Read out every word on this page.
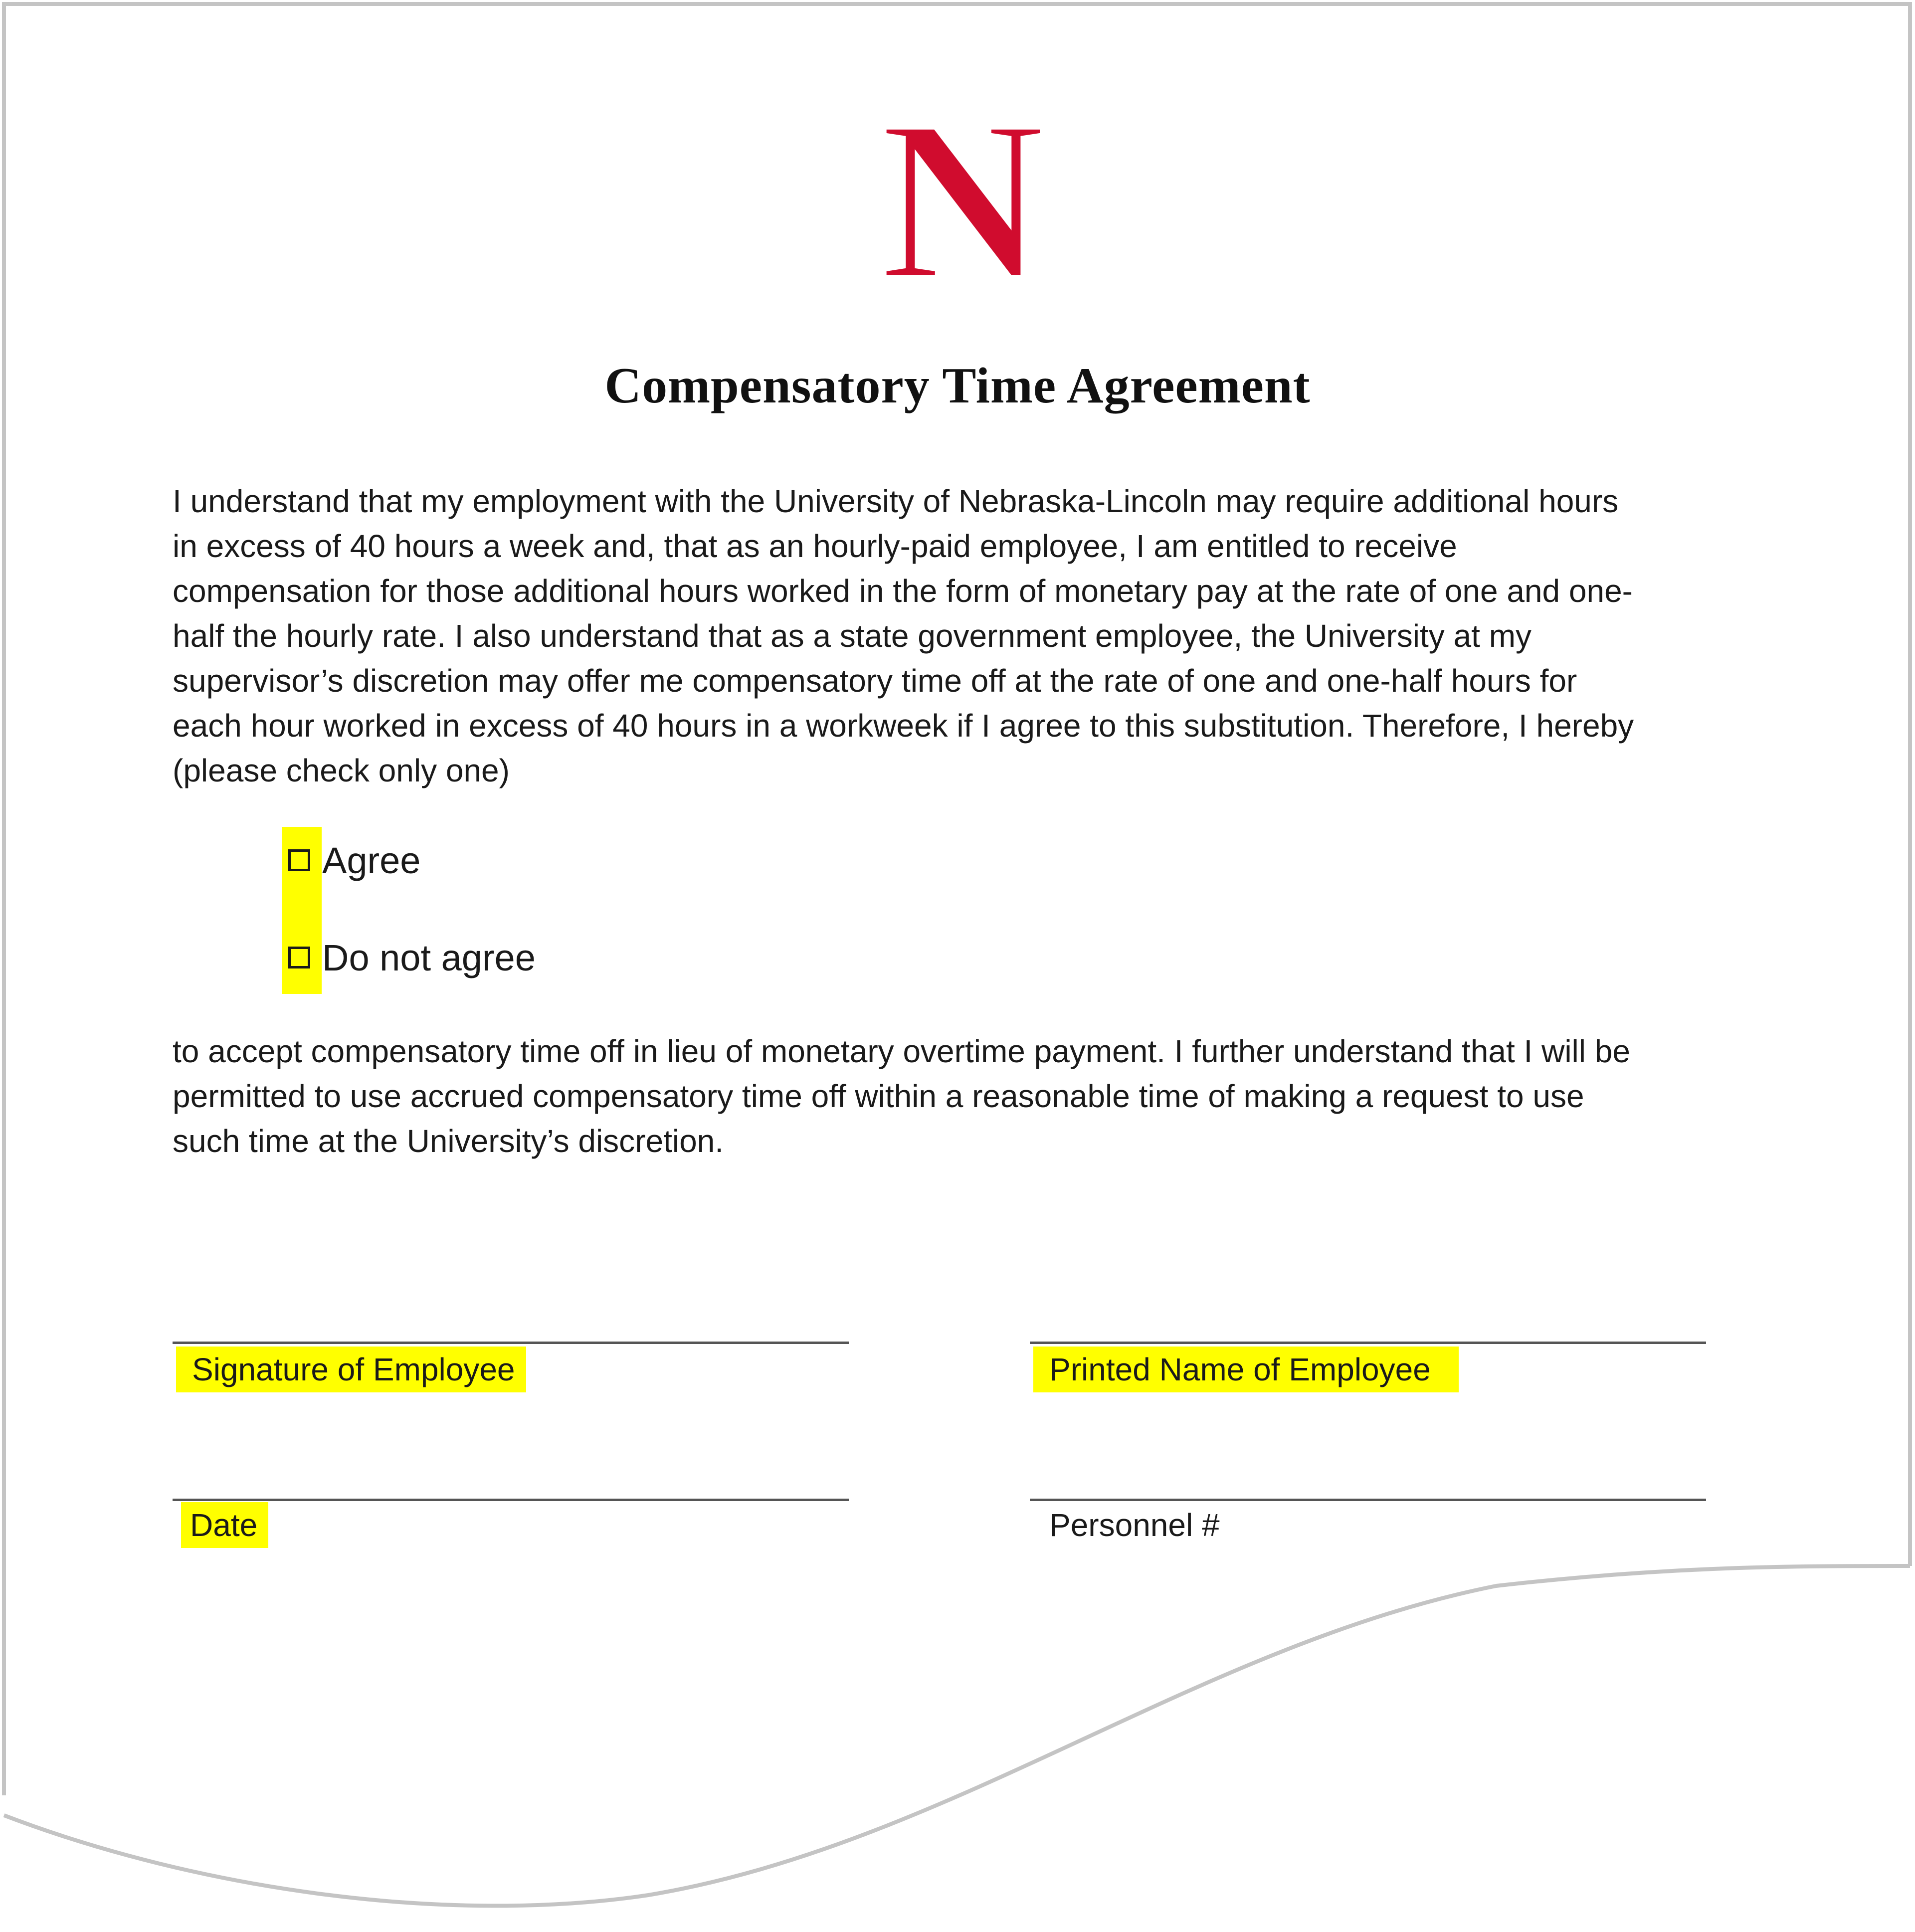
N
Compensatory Time Agreement

I understand that my employment with the University of Nebraska-Lincoln may require additional hours
in excess of 40 hours a week and, that as an hourly-paid employee, I am entitled to receive
compensation for those additional hours worked in the form of monetary pay at the rate of one and one-
half the hourly rate. I also understand that as a state government employee, the University at my
supervisor’s discretion may offer me compensatory time off at the rate of one and one-half hours for
each hour worked in excess of 40 hours in a workweek if I agree to this substitution. Therefore, I hereby
(please check only one)

Agree
Do not agree

to accept compensatory time off in lieu of monetary overtime payment. I further understand that I will be
permitted to use accrued compensatory time off within a reasonable time of making a request to use
such time at the University’s discretion.

Signature of Employee	Printed Name of Employee
Date	Personnel #
